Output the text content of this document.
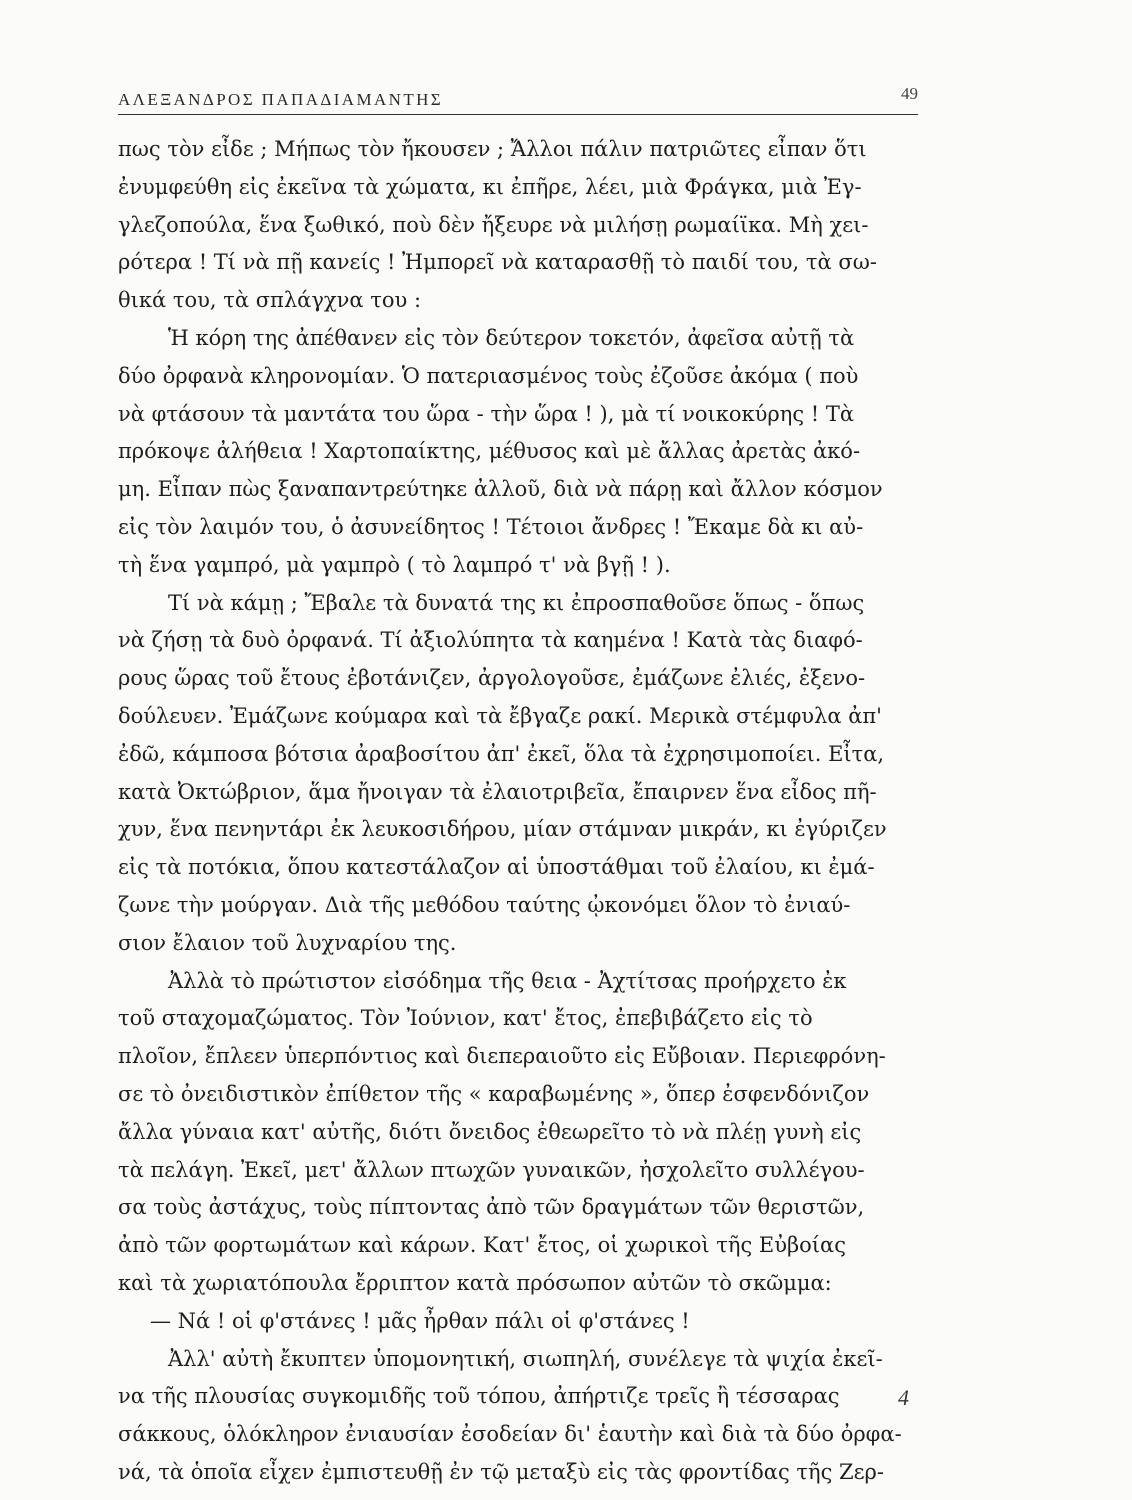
ΑΛΕΞΑΝΔΡΟΣ ΠΑΠΑΔΙΑΜΑΝΤΗΣ	49
πως τὸν εἶδε ; Μήπως τὸν ἤκουσεν ; Ἄλλοι πάλιν πατριῶτες εἶπαν ὅτι
ἐνυμφεύθη εἰς ἐκεῖνα τὰ χώματα, κι ἐπῆρε, λέει, μιὰ Φράγκα, μιὰ Ἐγ-
γλεζοπούλα, ἕνα ξωθικό, ποὺ δὲν ἤξευρε νὰ μιλήσῃ ρωμαίϊκα. Μὴ χει-
ρότερα ! Τί νὰ πῇ κανείς ! Ἠμπορεῖ νὰ καταρασθῇ τὸ παιδί του, τὰ σω-
θικά του, τὰ σπλάγχνα του :
Ἡ κόρη της ἀπέθανεν εἰς τὸν δεύτερον τοκετόν, ἀφεῖσα αὐτῇ τὰ
δύο ὀρφανὰ κληρονομίαν. Ὁ πατεριασμένος τοὺς ἐζοῦσε ἀκόμα ( ποὺ
νὰ φτάσουν τὰ μαντάτα του ὥρα - τὴν ὥρα ! ), μὰ τί νοικοκύρης ! Τὰ
πρόκοψε ἀλήθεια ! Χαρτοπαίκτης, μέθυσος καὶ μὲ ἄλλας ἀρετὰς ἀκό-
μη. Εἶπαν πὼς ξαναπαντρεύτηκε ἀλλοῦ, διὰ νὰ πάρῃ καὶ ἄλλον κόσμον
εἰς τὸν λαιμόν του, ὁ ἀσυνείδητος ! Τέτοιοι ἄνδρες ! Ἔκαμε δὰ κι αὐ-
τὴ ἕνα γαμπρό, μὰ γαμπρὸ ( τὸ λαμπρό τ' νὰ βγῇ ! ).
Τί νὰ κάμῃ ; Ἔβαλε τὰ δυνατά της κι ἐπροσπαθοῦσε ὅπως - ὅπως
νὰ ζήσῃ τὰ δυὸ ὀρφανά. Τί ἀξιολύπητα τὰ καημένα ! Κατὰ τὰς διαφό-
ρους ὥρας τοῦ ἔτους ἐβοτάνιζεν, ἀργολογοῦσε, ἐμάζωνε ἐλιές, ἐξενο-
δούλευεν. Ἐμάζωνε κούμαρα καὶ τὰ ἔβγαζε ρακί. Μερικὰ στέμφυλα ἀπ'
ἐδῶ, κάμποσα βότσια ἀραβοσίτου ἀπ' ἐκεῖ, ὅλα τὰ ἐχρησιμοποίει. Εἶτα,
κατὰ Ὀκτώβριον, ἅμα ἤνοιγαν τὰ ἐλαιοτριβεῖα, ἔπαιρνεν ἕνα εἶδος πῆ-
χυν, ἕνα πενηντάρι ἐκ λευκοσιδήρου, μίαν στάμναν μικράν, κι ἐγύριζεν
εἰς τὰ ποτόκια, ὅπου κατεστάλαζον αἱ ὑποστάθμαι τοῦ ἐλαίου, κι ἐμά-
ζωνε τὴν μούργαν. Διὰ τῆς μεθόδου ταύτης ᾠκονόμει ὅλον τὸ ἐνιαύ-
σιον ἔλαιον τοῦ λυχναρίου της.
Ἀλλὰ τὸ πρώτιστον εἰσόδημα τῆς θεια - Ἀχτίτσας προήρχετο ἐκ
τοῦ σταχομαζώματος. Τὸν Ἰούνιον, κατ' ἔτος, ἐπεβιβάζετο εἰς τὸ
πλοῖον, ἔπλεεν ὑπερπόντιος καὶ διεπεραιοῦτο εἰς Εὔβοιαν. Περιεφρόνη-
σε τὸ ὀνειδιστικὸν ἐπίθετον τῆς « καραβωμένης », ὅπερ ἐσφενδόνιζον
ἄλλα γύναια κατ' αὐτῆς, διότι ὄνειδος ἐθεωρεῖτο τὸ νὰ πλέῃ γυνὴ εἰς
τὰ πελάγη. Ἐκεῖ, μετ' ἄλλων πτωχῶν γυναικῶν, ἠσχολεῖτο συλλέγου-
σα τοὺς ἀστάχυς, τοὺς πίπτοντας ἀπὸ τῶν δραγμάτων τῶν θεριστῶν,
ἀπὸ τῶν φορτωμάτων καὶ κάρων. Κατ' ἔτος, οἱ χωρικοὶ τῆς Εὐβοίας
καὶ τὰ χωριατόπουλα ἔρριπτον κατὰ πρόσωπον αὐτῶν τὸ σκῶμμα:
— Νά ! οἱ φ'στάνες ! μᾶς ἦρθαν πάλι οἱ φ'στάνες !
Ἀλλ' αὐτὴ ἔκυπτεν ὑπομονητική, σιωπηλή, συνέλεγε τὰ ψιχία ἐκεῖ-
να τῆς πλουσίας συγκομιδῆς τοῦ τόπου, ἀπήρτιζε τρεῖς ἢ τέσσαρας
σάκκους, ὁλόκληρον ἐνιαυσίαν ἐσοδείαν δι' ἑαυτὴν καὶ διὰ τὰ δύο ὀρφα-
νά, τὰ ὁποῖα εἶχεν ἐμπιστευθῇ ἐν τῷ μεταξὺ εἰς τὰς φροντίδας τῆς Ζερ-
4
